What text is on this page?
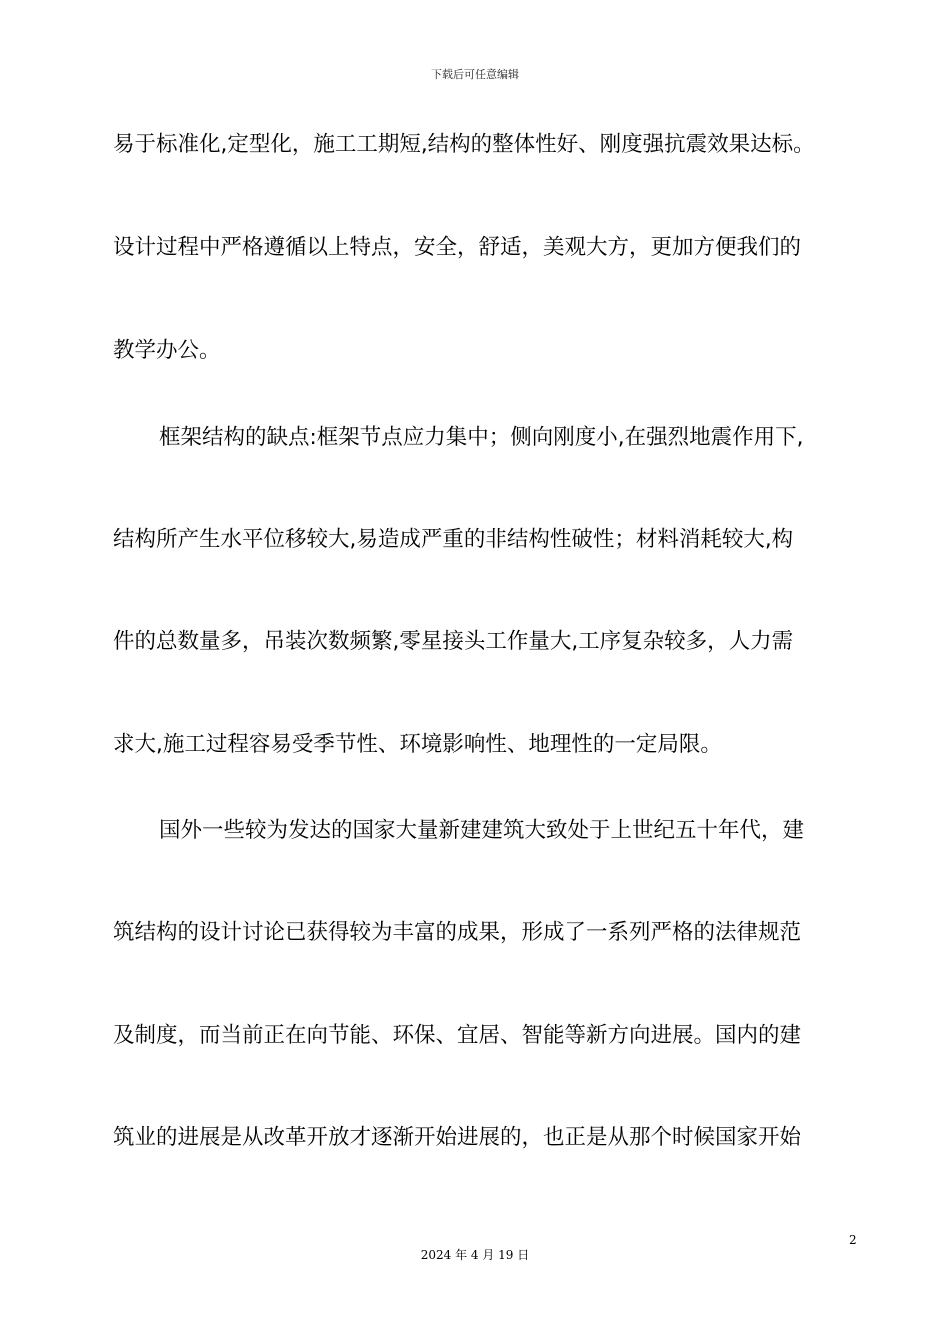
下载后可任意编辑
易于标准化,定型化，施工工期短,结构的整体性好、刚度强抗震效果达标。
设计过程中严格遵循以上特点，安全，舒适，美观大方，更加方便我们的
教学办公。
框架结构的缺点:框架节点应力集中；侧向刚度小,在强烈地震作用下,
结构所产生水平位移较大,易造成严重的非结构性破性；材料消耗较大,构
件的总数量多，吊装次数频繁,零星接头工作量大,工序复杂较多，人力需
求大,施工过程容易受季节性、环境影响性、地理性的一定局限。
国外一些较为发达的国家大量新建建筑大致处于上世纪五十年代，建
筑结构的设计讨论已获得较为丰富的成果，形成了一系列严格的法律规范
及制度，而当前正在向节能、环保、宜居、智能等新方向进展。国内的建
筑业的进展是从改革开放才逐渐开始进展的，也正是从那个时候国家开始
2
2024 年 4 月 19 日
